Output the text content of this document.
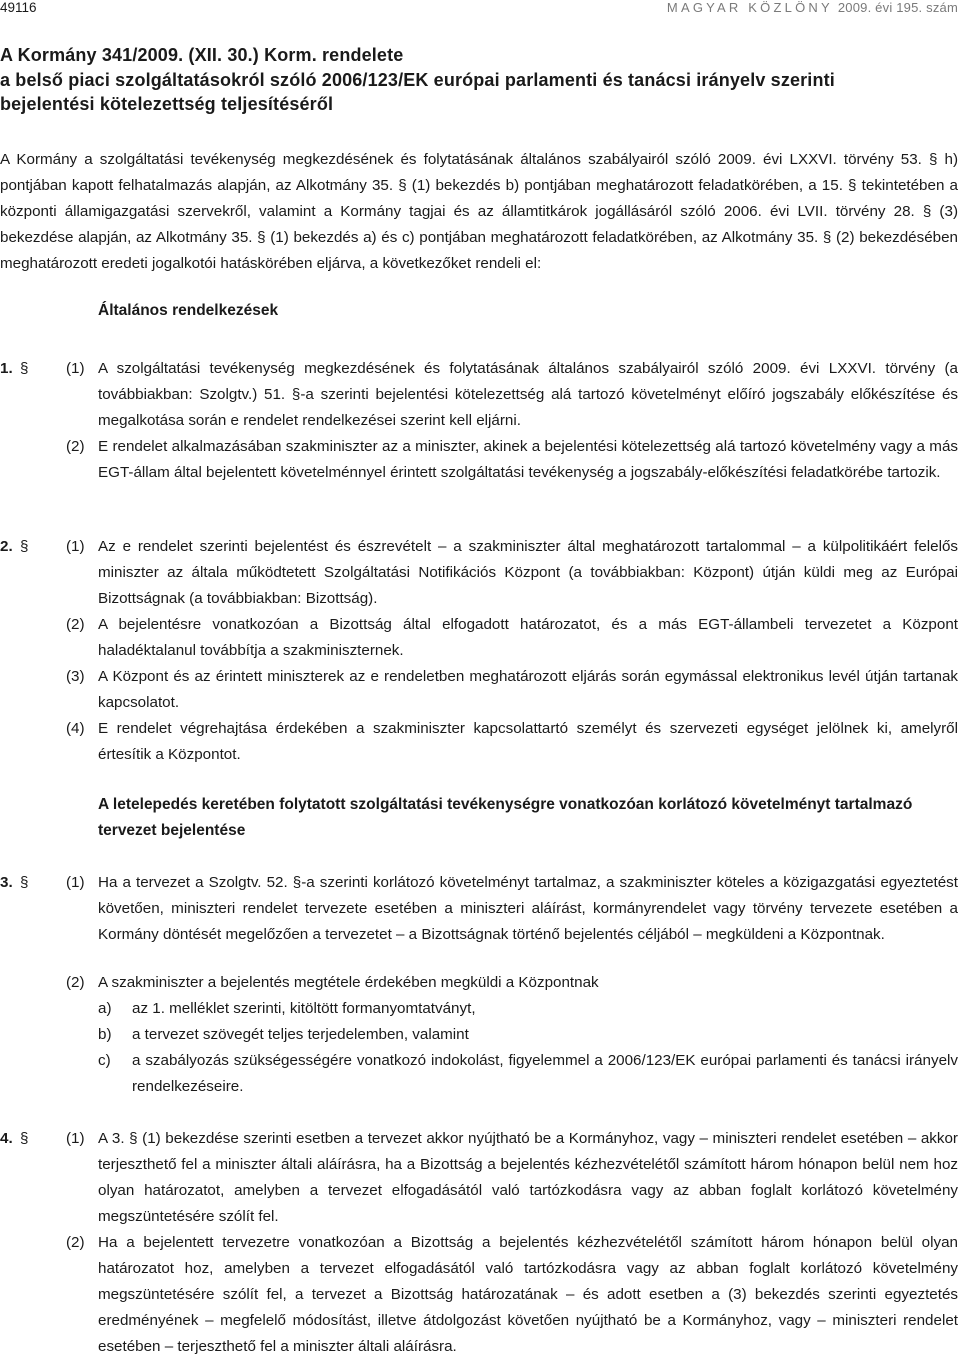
49116	MAGYAR KÖZLÖNY 2009. évi 195. szám
A Kormány 341/2009. (XII. 30.) Korm. rendelete
a belső piaci szolgáltatásokról szóló 2006/123/EK európai parlamenti és tanácsi irányelv szerinti
bejelentési kötelezettség teljesítéséről

A Kormány a szolgáltatási tevékenység megkezdésének és folytatásának általános szabályairól szóló 2009. évi LXXVI. törvény 53. § h) pontjában kapott felhatalmazás alapján, az Alkotmány 35. § (1) bekezdés b) pontjában meghatározott feladatkörében, a 15. § tekintetében a központi államigazgatási szervekről, valamint a Kormány tagjai és az államtitkárok jogállásáról szóló 2006. évi LVII. törvény 28. § (3) bekezdése alapján, az Alkotmány 35. § (1) bekezdés a) és c) pontjában meghatározott feladatkörében, az Alkotmány 35. § (2) bekezdésében meghatározott eredeti jogalkotói hatáskörében eljárva, a következőket rendeli el:

Általános rendelkezések
1. § (1) A szolgáltatási tevékenység megkezdésének és folytatásának általános szabályairól szóló 2009. évi LXXVI. törvény (a továbbiakban: Szolgtv.) 51. §-a szerinti bejelentési kötelezettség alá tartozó követelményt előíró jogszabály előkészítése és megalkotása során e rendelet rendelkezései szerint kell eljárni.
(2) E rendelet alkalmazásában szakminiszter az a miniszter, akinek a bejelentési kötelezettség alá tartozó követelmény vagy a más EGT-állam által bejelentett követelménnyel érintett szolgáltatási tevékenység a jogszabály-előkészítési feladatkörébe tartozik.
2. § (1) Az e rendelet szerinti bejelentést és észrevételt – a szakminiszter által meghatározott tartalommal – a külpolitikáért felelős miniszter az általa működtetett Szolgáltatási Notifikációs Központ (a továbbiakban: Központ) útján küldi meg az Európai Bizottságnak (a továbbiakban: Bizottság).
(2) A bejelentésre vonatkozóan a Bizottság által elfogadott határozatot, és a más EGT-állambeli tervezetet a Központ haladéktalanul továbbítja a szakminiszternek.
(3) A Központ és az érintett miniszterek az e rendeletben meghatározott eljárás során egymással elektronikus levél útján tartanak kapcsolatot.
(4) E rendelet végrehajtása érdekében a szakminiszter kapcsolattartó személyt és szervezeti egységet jelölnek ki, amelyről értesítik a Központot.
A letelepedés keretében folytatott szolgáltatási tevékenységre vonatkozóan korlátozó követelményt tartalmazó tervezet bejelentése
3. § (1) Ha a tervezet a Szolgtv. 52. §-a szerinti korlátozó követelményt tartalmaz, a szakminiszter köteles a közigazgatási egyeztetést követően, miniszteri rendelet tervezete esetében a miniszteri aláírást, kormányrendelet vagy törvény tervezete esetében a Kormány döntését megelőzően a tervezetet – a Bizottságnak történő bejelentés céljából – megküldeni a Központnak.
(2) A szakminiszter a bejelentés megtétele érdekében megküldi a Központnak
a) az 1. melléklet szerinti, kitöltött formanyomtatványt,
b) a tervezet szövegét teljes terjedelemben, valamint
c) a szabályozás szükségességére vonatkozó indokolást, figyelemmel a 2006/123/EK európai parlamenti és tanácsi irányelv rendelkezéseire.
4. § (1) A 3. § (1) bekezdése szerinti esetben a tervezet akkor nyújtható be a Kormányhoz, vagy – miniszteri rendelet esetében – akkor terjeszthető fel a miniszter általi aláírásra, ha a Bizottság a bejelentés kézhezvételétől számított három hónapon belül nem hoz olyan határozatot, amelyben a tervezet elfogadásától való tartózkodásra vagy az abban foglalt korlátozó követelmény megszüntetésére szólít fel.
(2) Ha a bejelentett tervezetre vonatkozóan a Bizottság a bejelentés kézhezvételétől számított három hónapon belül olyan határozatot hoz, amelyben a tervezet elfogadásától való tartózkodásra vagy az abban foglalt korlátozó követelmény megszüntetésére szólít fel, a tervezet a Bizottság határozatának – és adott esetben a (3) bekezdés szerinti egyeztetés eredményének – megfelelő módosítást, illetve átdolgozást követően nyújtható be a Kormányhoz, vagy – miniszteri rendelet esetében – terjeszthető fel a miniszter általi aláírásra.
